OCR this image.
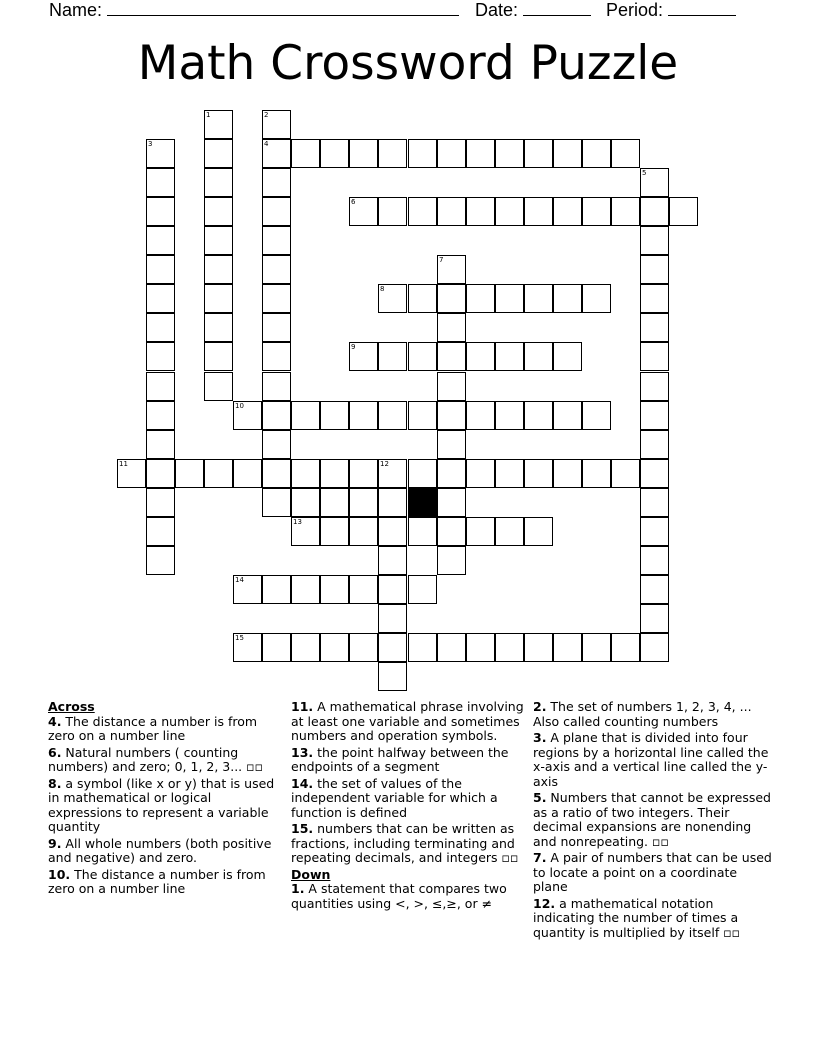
Name:	Date:	Period:
Math Crossword Puzzle
1	2
3	4
5
6
7
8
9
10
11	12
13
14
15
Across
4. The distance a number is from zero on a number line
6. Natural numbers ( counting numbers) and zero; 0, 1, 2, 3... ▫▫
8. a symbol (like x or y) that is used in mathematical or logical expressions to represent a variable quantity
9. All whole numbers (both positive and negative) and zero.
10. The distance a number is from zero on a number line
11. A mathematical phrase involving at least one variable and sometimes numbers and operation symbols.
13. the point halfway between the endpoints of a segment
14. the set of values of the independent variable for which a function is defined
15. numbers that can be written as fractions, including terminating and repeating decimals, and integers ▫▫
Down
1. A statement that compares two quantities using <, >, ≤,≥, or ≠
2. The set of numbers 1, 2, 3, 4, ... Also called counting numbers
3. A plane that is divided into four regions by a horizontal line called the x-axis and a vertical line called the y-axis
5. Numbers that cannot be expressed as a ratio of two integers. Their decimal expansions are nonending and nonrepeating. ▫▫
7. A pair of numbers that can be used to locate a point on a coordinate plane
12. a mathematical notation indicating the number of times a quantity is multiplied by itself ▫▫
